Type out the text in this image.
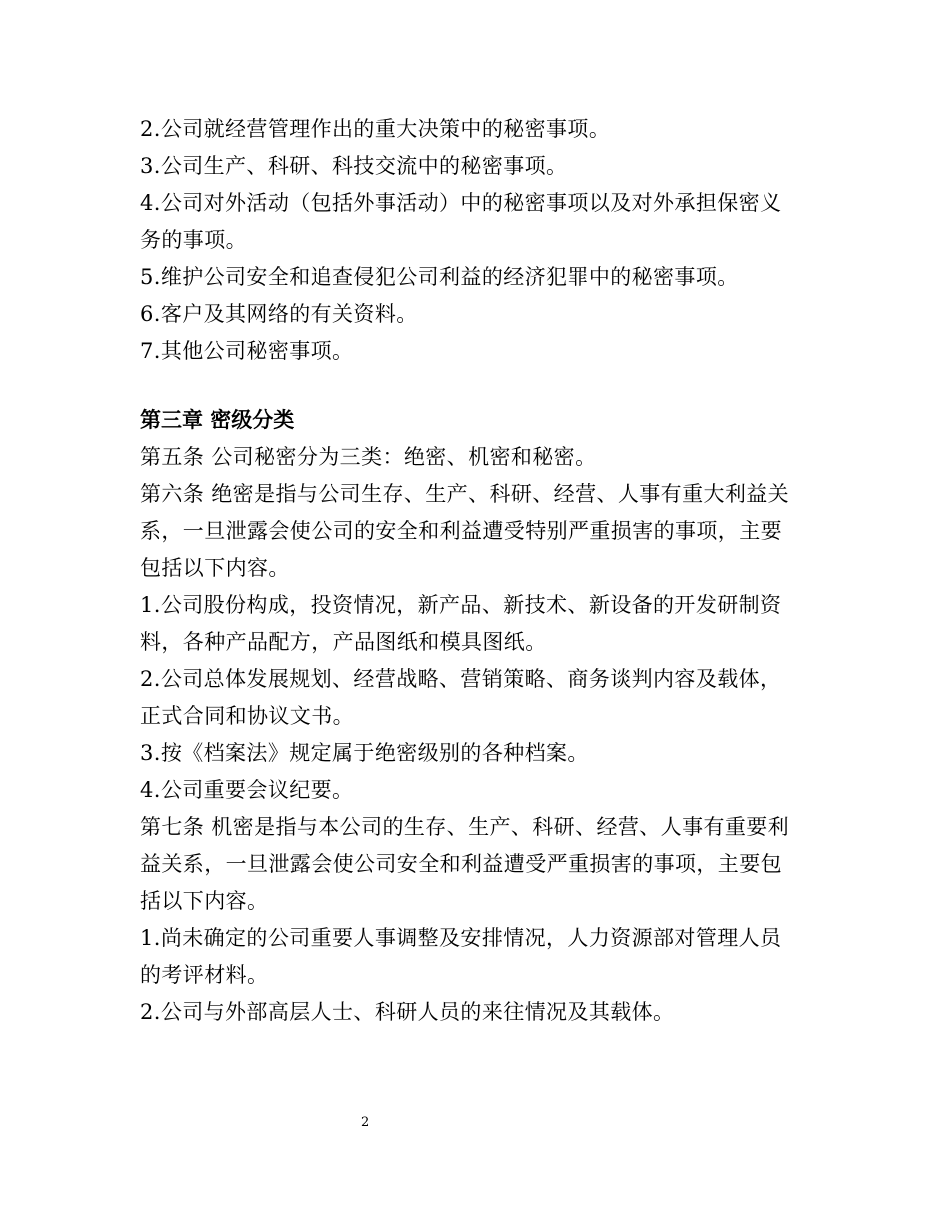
2.公司就经营管理作出的重大决策中的秘密事项。
3.公司生产、科研、科技交流中的秘密事项。
4.公司对外活动（包括外事活动）中的秘密事项以及对外承担保密义
务的事项。
5.维护公司安全和追查侵犯公司利益的经济犯罪中的秘密事项。
6.客户及其网络的有关资料。
7.其他公司秘密事项。
第三章 密级分类
第五条 公司秘密分为三类：绝密、机密和秘密。
第六条 绝密是指与公司生存、生产、科研、经营、人事有重大利益关
系，一旦泄露会使公司的安全和利益遭受特别严重损害的事项，主要
包括以下内容。
1.公司股份构成，投资情况，新产品、新技术、新设备的开发研制资
料，各种产品配方，产品图纸和模具图纸。
2.公司总体发展规划、经营战略、营销策略、商务谈判内容及载体，
正式合同和协议文书。
3.按《档案法》规定属于绝密级别的各种档案。
4.公司重要会议纪要。
第七条 机密是指与本公司的生存、生产、科研、经营、人事有重要利
益关系，一旦泄露会使公司安全和利益遭受严重损害的事项，主要包
括以下内容。
1.尚未确定的公司重要人事调整及安排情况，人力资源部对管理人员
的考评材料。
2.公司与外部高层人士、科研人员的来往情况及其载体。
2
